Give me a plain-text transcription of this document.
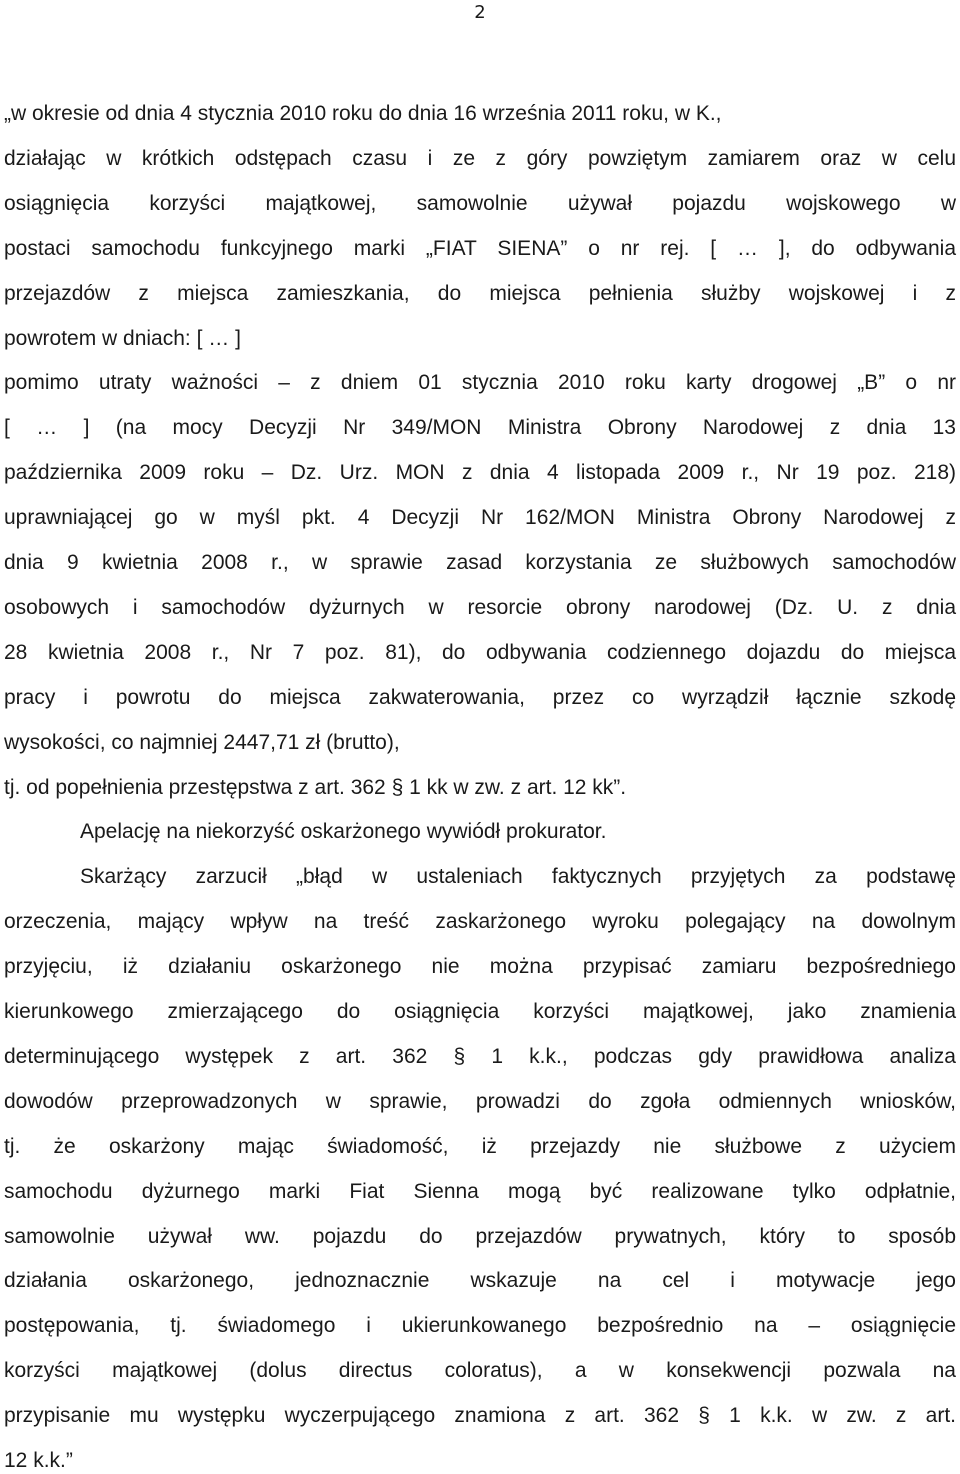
2
„w okresie od dnia 4 stycznia 2010 roku do dnia 16 września 2011 roku, w K.,
działając w krótkich odstępach czasu i ze z góry powziętym zamiarem oraz w celu
osiągnięcia korzyści majątkowej, samowolnie używał pojazdu wojskowego w
postaci samochodu funkcyjnego marki „FIAT SIENA” o nr rej. [ … ], do odbywania
przejazdów z miejsca zamieszkania, do miejsca pełnienia służby wojskowej i z
powrotem w dniach: [ … ]
pomimo utraty ważności – z dniem 01 stycznia 2010 roku karty drogowej „B” o nr
[ … ] (na mocy Decyzji Nr 349/MON Ministra Obrony Narodowej z dnia 13
października 2009 roku – Dz. Urz. MON z dnia 4 listopada 2009 r., Nr 19 poz. 218)
uprawniającej go w myśl pkt. 4 Decyzji Nr 162/MON Ministra Obrony Narodowej z
dnia 9 kwietnia 2008 r., w sprawie zasad korzystania ze służbowych samochodów
osobowych i samochodów dyżurnych w resorcie obrony narodowej (Dz. U. z dnia
28 kwietnia 2008 r., Nr 7 poz. 81), do odbywania codziennego dojazdu do miejsca
pracy i powrotu do miejsca zakwaterowania, przez co wyrządził łącznie szkodę
wysokości, co najmniej 2447,71 zł (brutto),
tj. od popełnienia przestępstwa z art. 362 § 1 kk w zw. z art. 12 kk”.
Apelację na niekorzyść oskarżonego wywiódł prokurator.
Skarżący zarzucił „błąd w ustaleniach faktycznych przyjętych za podstawę
orzeczenia, mający wpływ na treść zaskarżonego wyroku polegający na dowolnym
przyjęciu, iż działaniu oskarżonego nie można przypisać zamiaru bezpośredniego
kierunkowego zmierzającego do osiągnięcia korzyści majątkowej, jako znamienia
determinującego występek z art. 362 § 1 k.k., podczas gdy prawidłowa analiza
dowodów przeprowadzonych w sprawie, prowadzi do zgoła odmiennych wniosków,
tj. że oskarżony mając świadomość, iż przejazdy nie służbowe z użyciem
samochodu dyżurnego marki Fiat Sienna mogą być realizowane tylko odpłatnie,
samowolnie używał ww. pojazdu do przejazdów prywatnych, który to sposób
działania oskarżonego, jednoznacznie wskazuje na cel i motywacje jego
postępowania, tj. świadomego i ukierunkowanego bezpośrednio na – osiągnięcie
korzyści majątkowej (dolus directus coloratus), a w konsekwencji pozwala na
przypisanie mu występku wyczerpującego znamiona z art. 362 § 1 k.k. w zw. z art.
12 k.k.”
